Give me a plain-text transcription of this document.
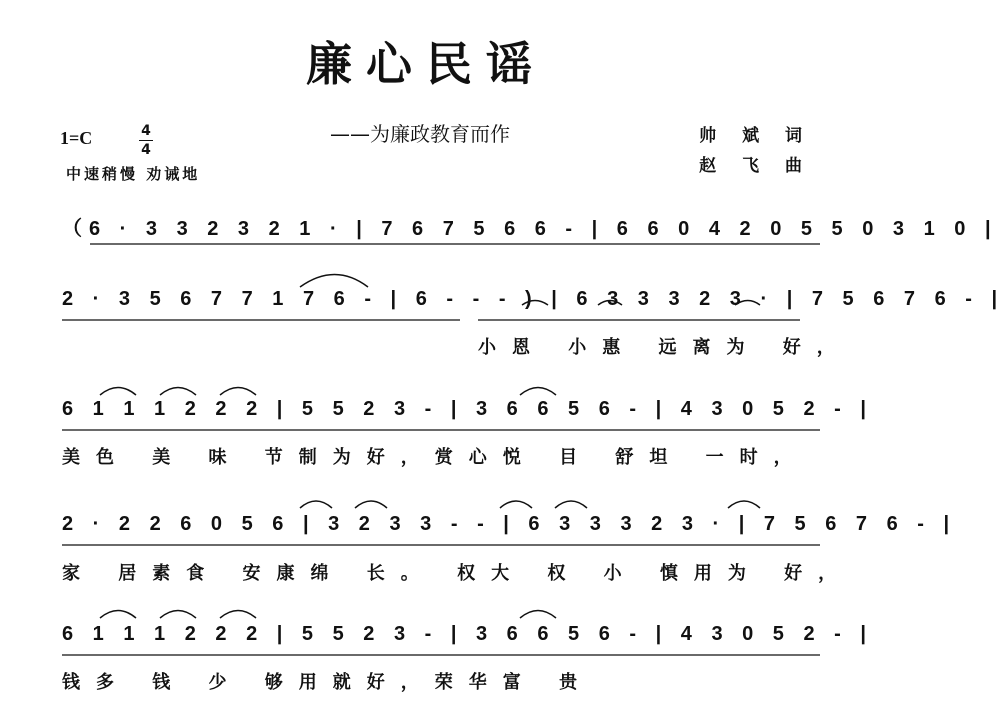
廉心民谣
——为廉政教育而作
1=C	4
4
中速稍慢 劝诫地
帅 斌 词
赵 飞 曲
（6 · 3 3 2 3 2 1 · | 7 6 7 5 6 6 - | 6 6 0 4 2 0 5 5 0 3 1 0 |
2 · 3 5 6 7 7 1 7 6 - | 6 - - - ) | 6 3 3 3 2 3 · | 7 5 6 7 6 - |
小恩 小惠 远离为 好，
6 1 1 1 2 2 2 | 5 5 2 3 - | 3 6 6 5 6 - | 4 3 0 5 2 - |
美色 美 味 节制为好，赏心悦 目 舒坦 一时，
2 · 2 2 6 0 5 6 | 3 2 3 3 - - | 6 3 3 3 2 3 · | 7 5 6 7 6 - |
家 居素食 安康绵 长。 权大 权 小 慎用为 好，
6 1 1 1 2 2 2 | 5 5 2 3 - | 3 6 6 5 6 - | 4 3 0 5 2 - |
钱多 钱 少 够用就好，荣华富 贵
